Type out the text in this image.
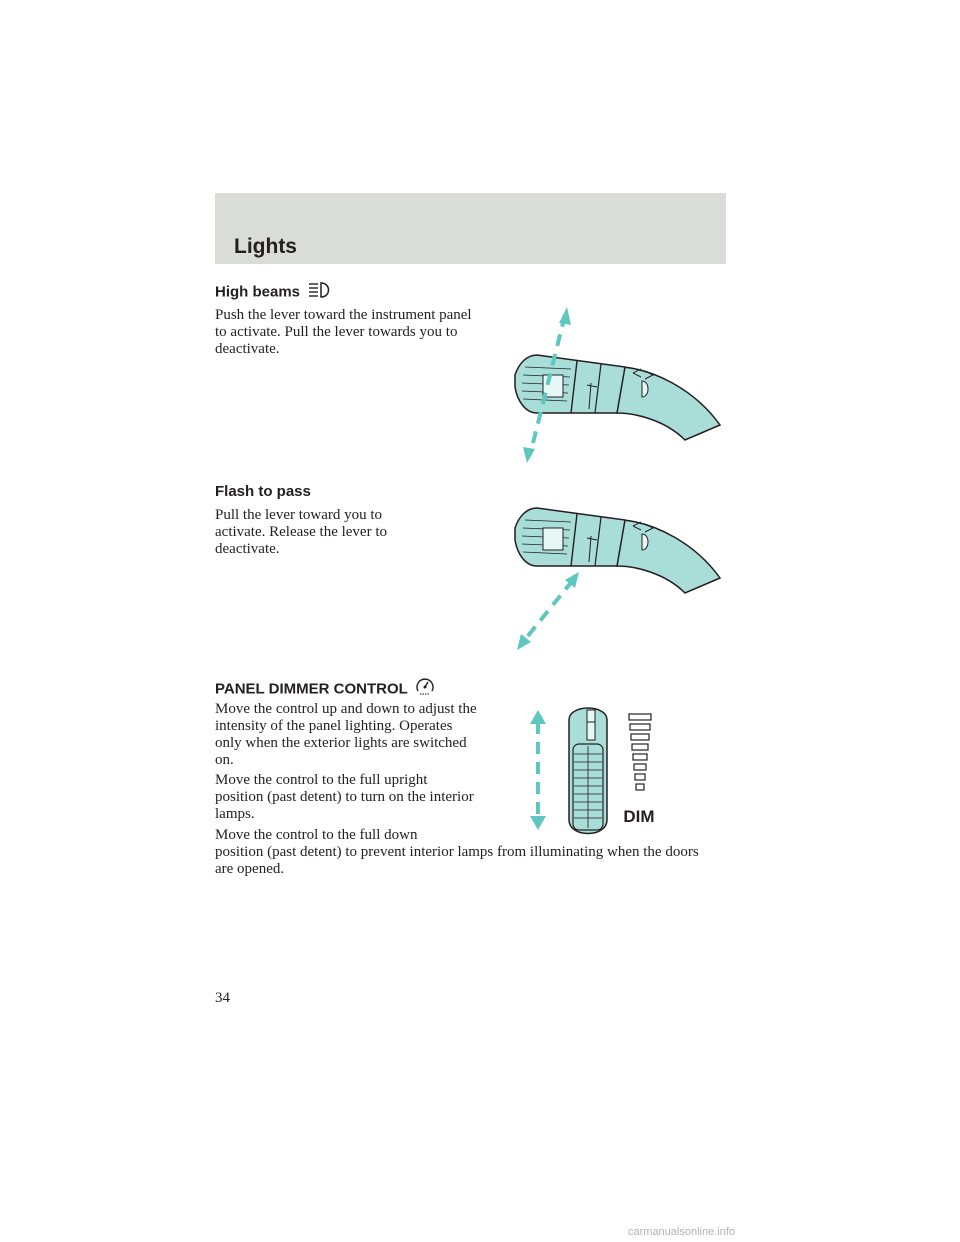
Lights
High beams

Push the lever toward the instrument panel to activate. Pull the lever towards you to deactivate.

Flash to pass

Pull the lever toward you to activate. Release the lever to deactivate.

PANEL DIMMER CONTROL

Move the control up and down to adjust the intensity of the panel lighting. Operates only when the exterior lights are switched on.

Move the control to the full upright position (past detent) to turn on the interior lamps.

Move the control to the full down

position (past detent) to prevent interior lamps from illuminating when the doors are opened.

DIM
34
carmanualsonline.info
